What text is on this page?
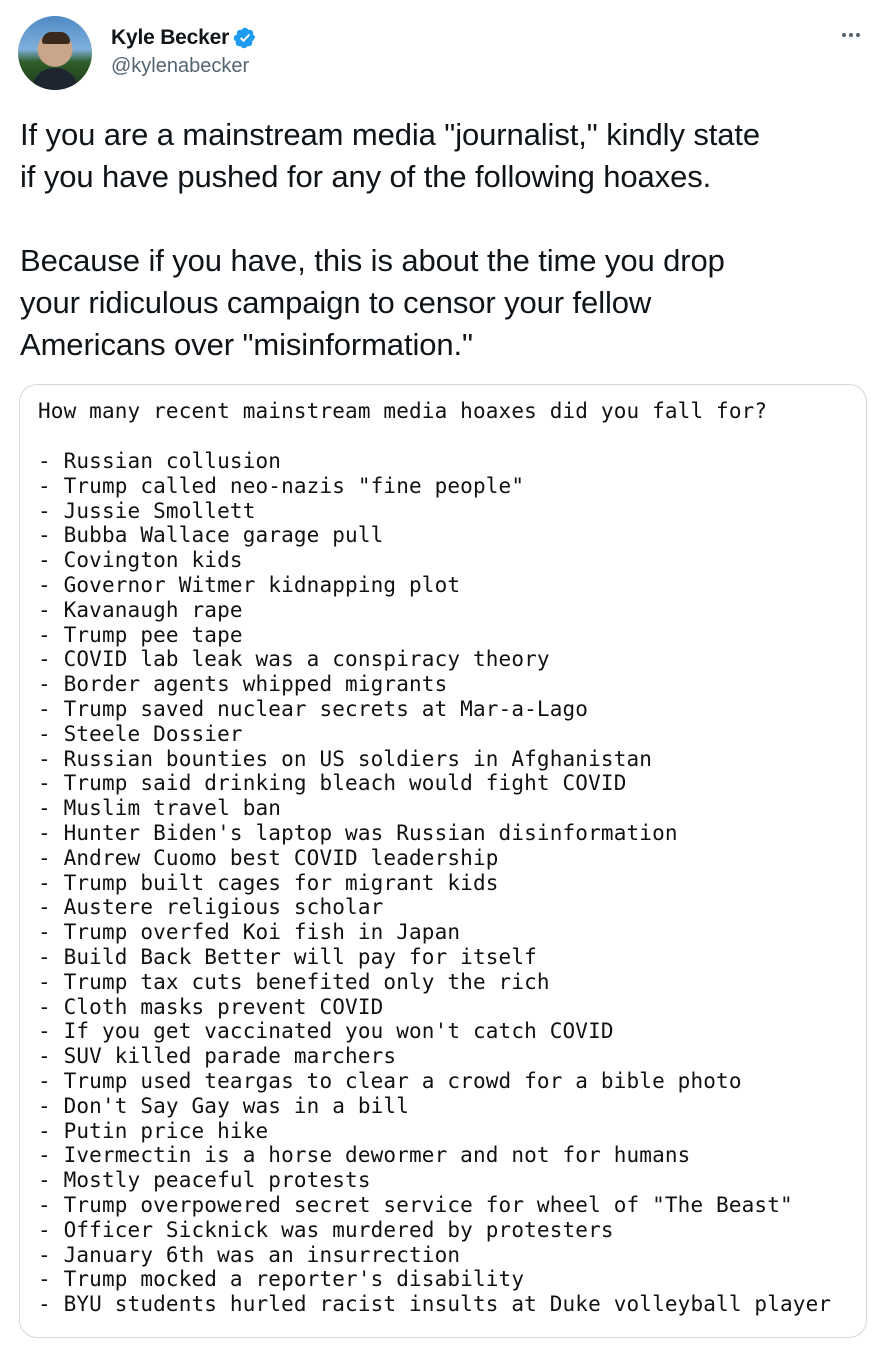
Kyle Becker
@kylenabecker

If you are a mainstream media "journalist," kindly state
if you have pushed for any of the following hoaxes.

Because if you have, this is about the time you drop
your ridiculous campaign to censor your fellow
Americans over "misinformation."

How many recent mainstream media hoaxes did you fall for?
- Russian collusion
- Trump called neo-nazis "fine people"
- Jussie Smollett
- Bubba Wallace garage pull
- Covington kids
- Governor Witmer kidnapping plot
- Kavanaugh rape
- Trump pee tape
- COVID lab leak was a conspiracy theory
- Border agents whipped migrants
- Trump saved nuclear secrets at Mar-a-Lago
- Steele Dossier
- Russian bounties on US soldiers in Afghanistan
- Trump said drinking bleach would fight COVID
- Muslim travel ban
- Hunter Biden's laptop was Russian disinformation
- Andrew Cuomo best COVID leadership
- Trump built cages for migrant kids
- Austere religious scholar
- Trump overfed Koi fish in Japan
- Build Back Better will pay for itself
- Trump tax cuts benefited only the rich
- Cloth masks prevent COVID
- If you get vaccinated you won't catch COVID
- SUV killed parade marchers
- Trump used teargas to clear a crowd for a bible photo
- Don't Say Gay was in a bill
- Putin price hike
- Ivermectin is a horse dewormer and not for humans
- Mostly peaceful protests
- Trump overpowered secret service for wheel of "The Beast"
- Officer Sicknick was murdered by protesters
- January 6th was an insurrection
- Trump mocked a reporter's disability
- BYU students hurled racist insults at Duke volleyball player
